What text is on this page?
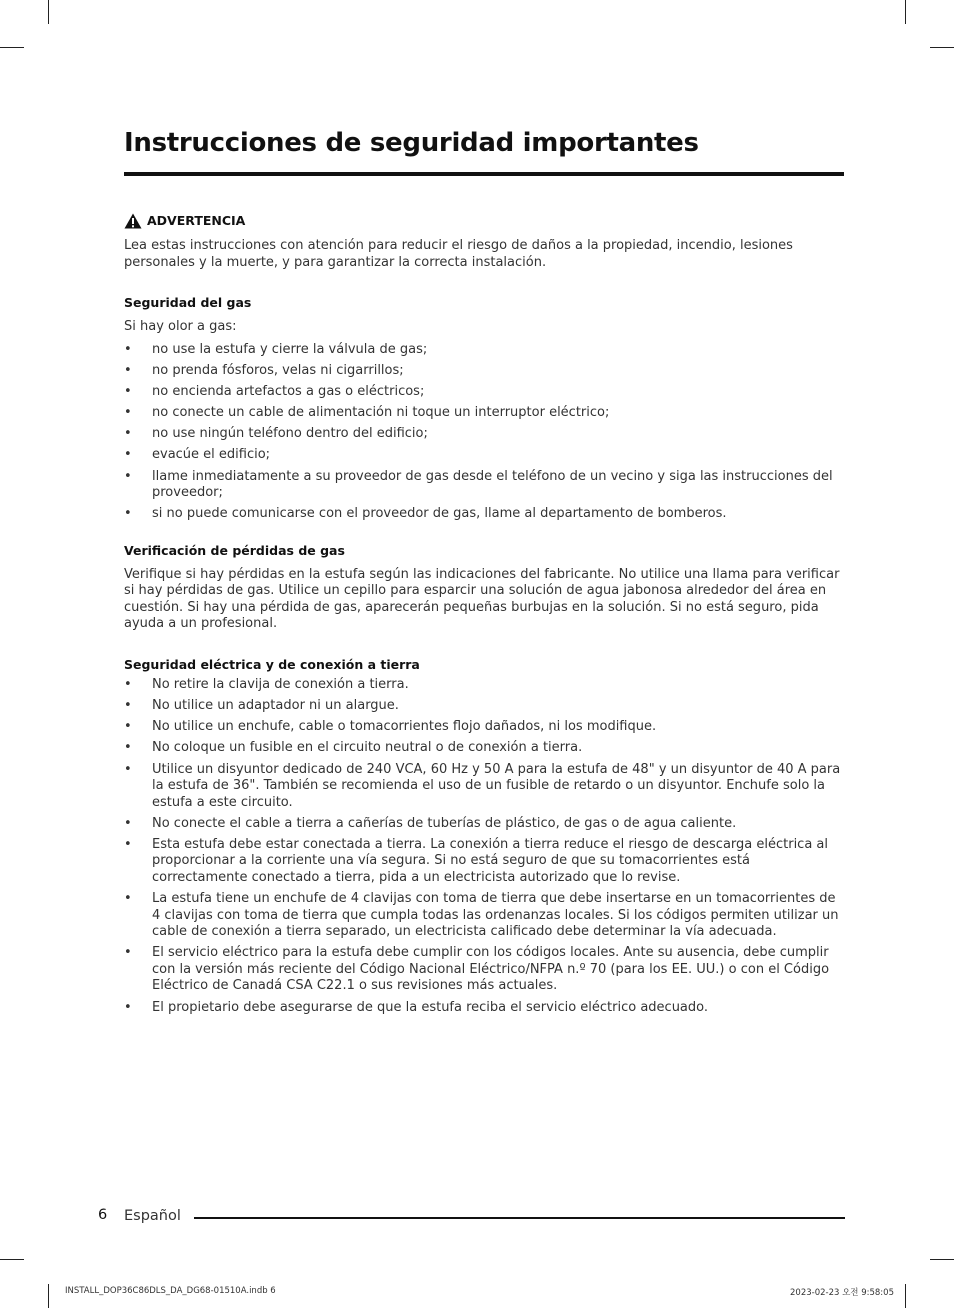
Instrucciones de seguridad importantes
ADVERTENCIA

Lea estas instrucciones con atención para reducir el riesgo de daños a la propiedad, incendio, lesiones personales y la muerte, y para garantizar la correcta instalación.

Seguridad del gas

Si hay olor a gas:

• no use la estufa y cierre la válvula de gas;
• no prenda fósforos, velas ni cigarrillos;
• no encienda artefactos a gas o eléctricos;
• no conecte un cable de alimentación ni toque un interruptor eléctrico;
• no use ningún teléfono dentro del edificio;
• evacúe el edificio;
• llame inmediatamente a su proveedor de gas desde el teléfono de un vecino y siga las instrucciones del proveedor;
• si no puede comunicarse con el proveedor de gas, llame al departamento de bomberos.
Verificación de pérdidas de gas

Verifique si hay pérdidas en la estufa según las indicaciones del fabricante. No utilice una llama para verificar si hay pérdidas de gas. Utilice un cepillo para esparcir una solución de agua jabonosa alrededor del área en cuestión. Si hay una pérdida de gas, aparecerán pequeñas burbujas en la solución. Si no está seguro, pida ayuda a un profesional.

Seguridad eléctrica y de conexión a tierra
• No retire la clavija de conexión a tierra.
• No utilice un adaptador ni un alargue.
• No utilice un enchufe, cable o tomacorrientes flojo dañados, ni los modifique.
• No coloque un fusible en el circuito neutral o de conexión a tierra.
• Utilice un disyuntor dedicado de 240 VCA, 60 Hz y 50 A para la estufa de 48" y un disyuntor de 40 A para la estufa de 36". También se recomienda el uso de un fusible de retardo o un disyuntor. Enchufe solo la estufa a este circuito.
• No conecte el cable a tierra a cañerías de tuberías de plástico, de gas o de agua caliente.
• Esta estufa debe estar conectada a tierra. La conexión a tierra reduce el riesgo de descarga eléctrica al proporcionar a la corriente una vía segura. Si no está seguro de que su tomacorrientes está correctamente conectado a tierra, pida a un electricista autorizado que lo revise.
• La estufa tiene un enchufe de 4 clavijas con toma de tierra que debe insertarse en un tomacorrientes de 4 clavijas con toma de tierra que cumpla todas las ordenanzas locales. Si los códigos permiten utilizar un cable de conexión a tierra separado, un electricista calificado debe determinar la vía adecuada.
• El servicio eléctrico para la estufa debe cumplir con los códigos locales. Ante su ausencia, debe cumplir con la versión más reciente del Código Nacional Eléctrico/NFPA n.º 70 (para los EE. UU.) o con el Código Eléctrico de Canadá CSA C22.1 o sus revisiones más actuales.
• El propietario debe asegurarse de que la estufa reciba el servicio eléctrico adecuado.
6 Español
INSTALL_DOP36C86DLS_DA_DG68-01510A.indb 6	2023-02-23 오전 9:58:05
